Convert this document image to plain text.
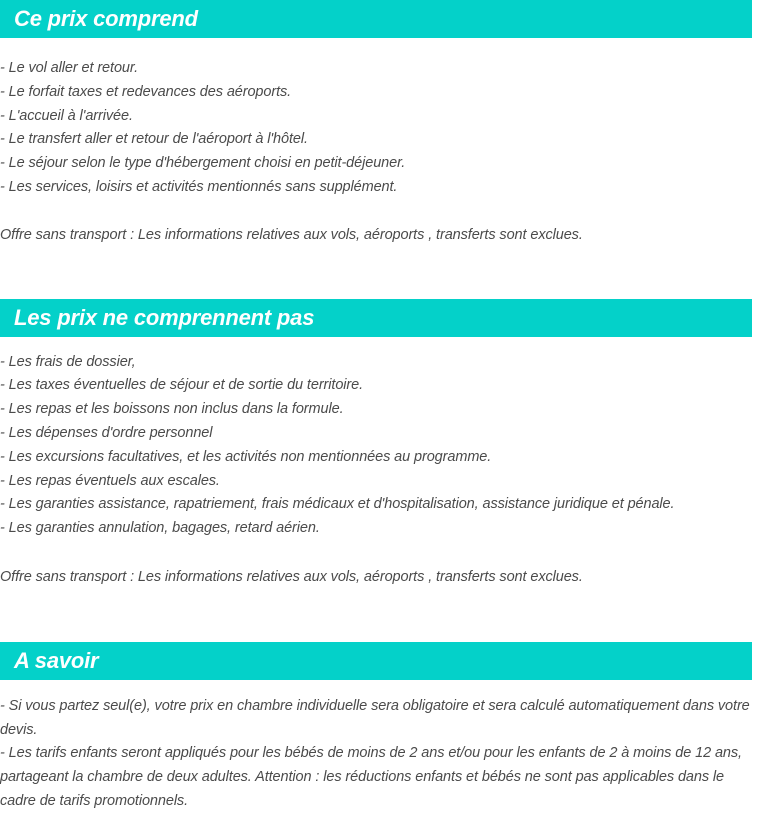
Ce prix comprend
- Le vol aller et retour.
- Le forfait taxes et redevances des aéroports.
- L'accueil à l'arrivée.
- Le transfert aller et retour de l'aéroport à l'hôtel.
- Le séjour selon le type d'hébergement choisi en petit-déjeuner.
- Les services, loisirs et activités mentionnés sans supplément.
Offre sans transport : Les informations relatives aux vols, aéroports , transferts sont exclues.
Les prix ne comprennent pas
- Les frais de dossier,
- Les taxes éventuelles de séjour et de sortie du territoire.
- Les repas et les boissons non inclus dans la formule.
- Les dépenses d'ordre personnel
- Les excursions facultatives, et les activités non mentionnées au programme.
- Les repas éventuels aux escales.
- Les garanties assistance, rapatriement, frais médicaux et d'hospitalisation, assistance juridique et pénale.
- Les garanties annulation, bagages, retard aérien.
Offre sans transport : Les informations relatives aux vols, aéroports , transferts sont exclues.
A savoir
- Si vous partez seul(e), votre prix en chambre individuelle sera obligatoire et sera calculé automatiquement dans votre devis.
- Les tarifs enfants seront appliqués pour les bébés de moins de 2 ans et/ou pour les enfants de 2 à moins de 12 ans, partageant la chambre de deux adultes. Attention : les réductions enfants et bébés ne sont pas applicables dans le cadre de tarifs promotionnels.
